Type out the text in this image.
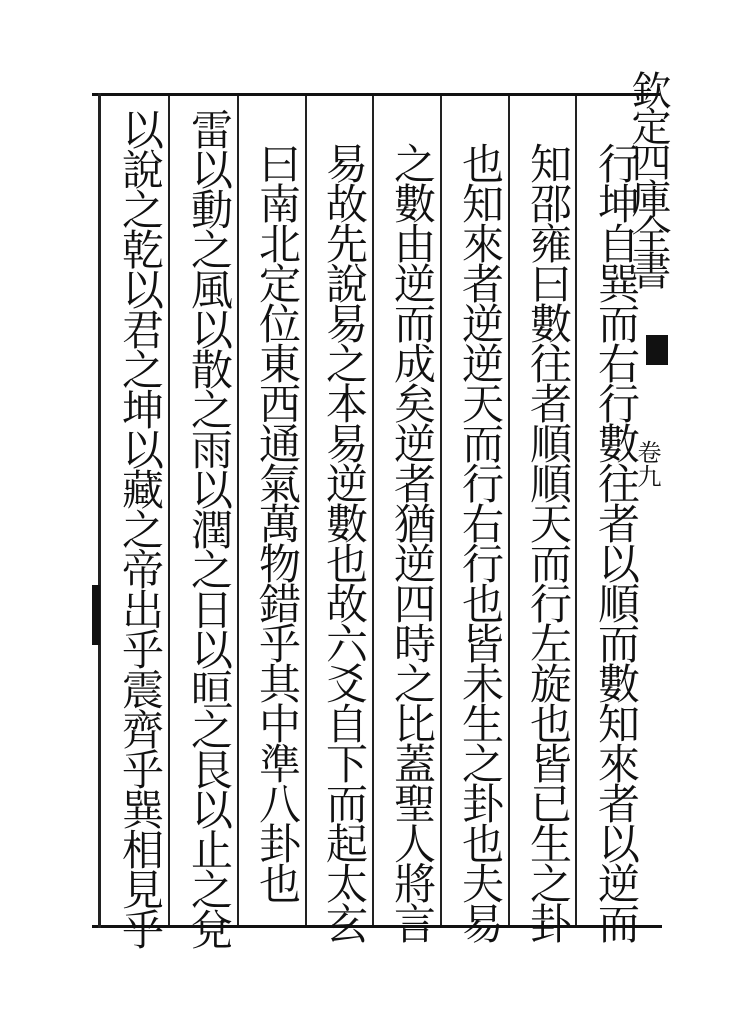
欽定四庫全書
卷九
行坤自巽而右行數往者以順而數知來者以逆而
知邵雍曰數往者順順天而行左旋也皆已生之卦
也知來者逆逆天而行右行也皆未生之卦也夫易
之數由逆而成矣逆者猶逆四時之比蓋聖人將言
易故先說易之本易逆數也故六爻自下而起太玄
曰南北定位東西通氣萬物錯乎其中準八卦也
雷以動之風以散之雨以潤之日以晅之艮以止之兌
以說之乾以君之坤以藏之帝出乎震齊乎巽相見乎
